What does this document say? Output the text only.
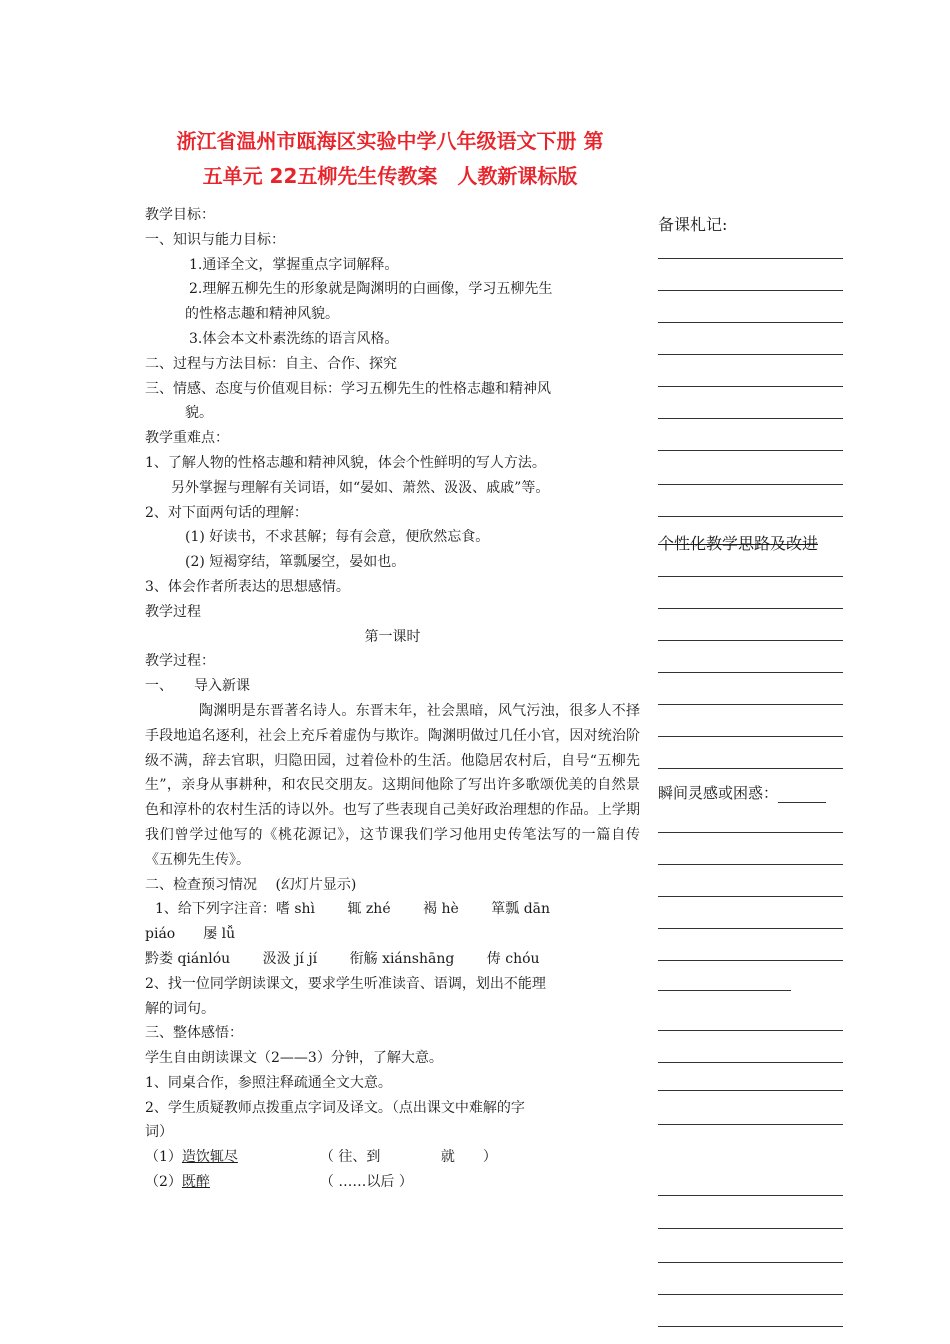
浙江省温州市瓯海区实验中学八年级语文下册 第
五单元 22五柳先生传教案　人教新课标版
教学目标：
一、知识与能力目标：
1.通译全文，掌握重点字词解释。
2.理解五柳先生的形象就是陶渊明的白画像，学习五柳先生
的性格志趣和精神风貌。
3.体会本文朴素洗练的语言风格。
二、过程与方法目标：自主、合作、探究
三、情感、态度与价值观目标：学习五柳先生的性格志趣和精神风
貌。
教学重难点：
1、了解人物的性格志趣和精神风貌，体会个性鲜明的写人方法。
另外掌握与理解有关词语，如“晏如、萧然、汲汲、戚戚”等。
2、对下面两句话的理解：
(1) 好读书，不求甚解；每有会意，便欣然忘食。
(2) 短褐穿结，箪瓢屡空，晏如也。
3、体会作者所表达的思想感情。
教学过程
第一课时
教学过程：
一、　　导入新课
陶渊明是东晋著名诗人。东晋末年，社会黑暗，风气污浊，很多人不择手段地追名逐利，社会上充斥着虚伪与欺诈。陶渊明做过几任小官，因对统治阶级不满，辞去官职，归隐田园，过着俭朴的生活。他隐居农村后，自号“五柳先生”，亲身从事耕种，和农民交朋友。这期间他除了写出许多歌颂优美的自然景色和淳朴的农村生活的诗以外。也写了些表现自己美好政治理想的作品。上学期我们曾学过他写的《桃花源记》，这节课我们学习他用史传笔法写的一篇自传《五柳先生传》。
二、检查预习情况　 (幻灯片显示)
1、给下列字注音：嗜 shì　　 辄 zhé　　 褐 hè　　 箪瓢 dān
piáo　　屡 lǚ
黔娄 qiánlóu　　 汲汲 jí jí　　 衔觞 xiánshāng　　 俦 chóu
2、找一位同学朗读课文，要求学生听准读音、语调，划出不能理
解的词句。
三、整体感悟：
学生自由朗读课文（2——3）分钟，了解大意。
1、同桌合作，参照注释疏通全文大意。
2、学生质疑教师点拨重点字词及译文。（点出课文中难解的字
词）
（1）造饮辄尽	（ 往、到　　　　 就　　）
（2）既醉	（ ……以后 ）
备课札记:
个性化教学思路及改进
瞬间灵感或困惑：
